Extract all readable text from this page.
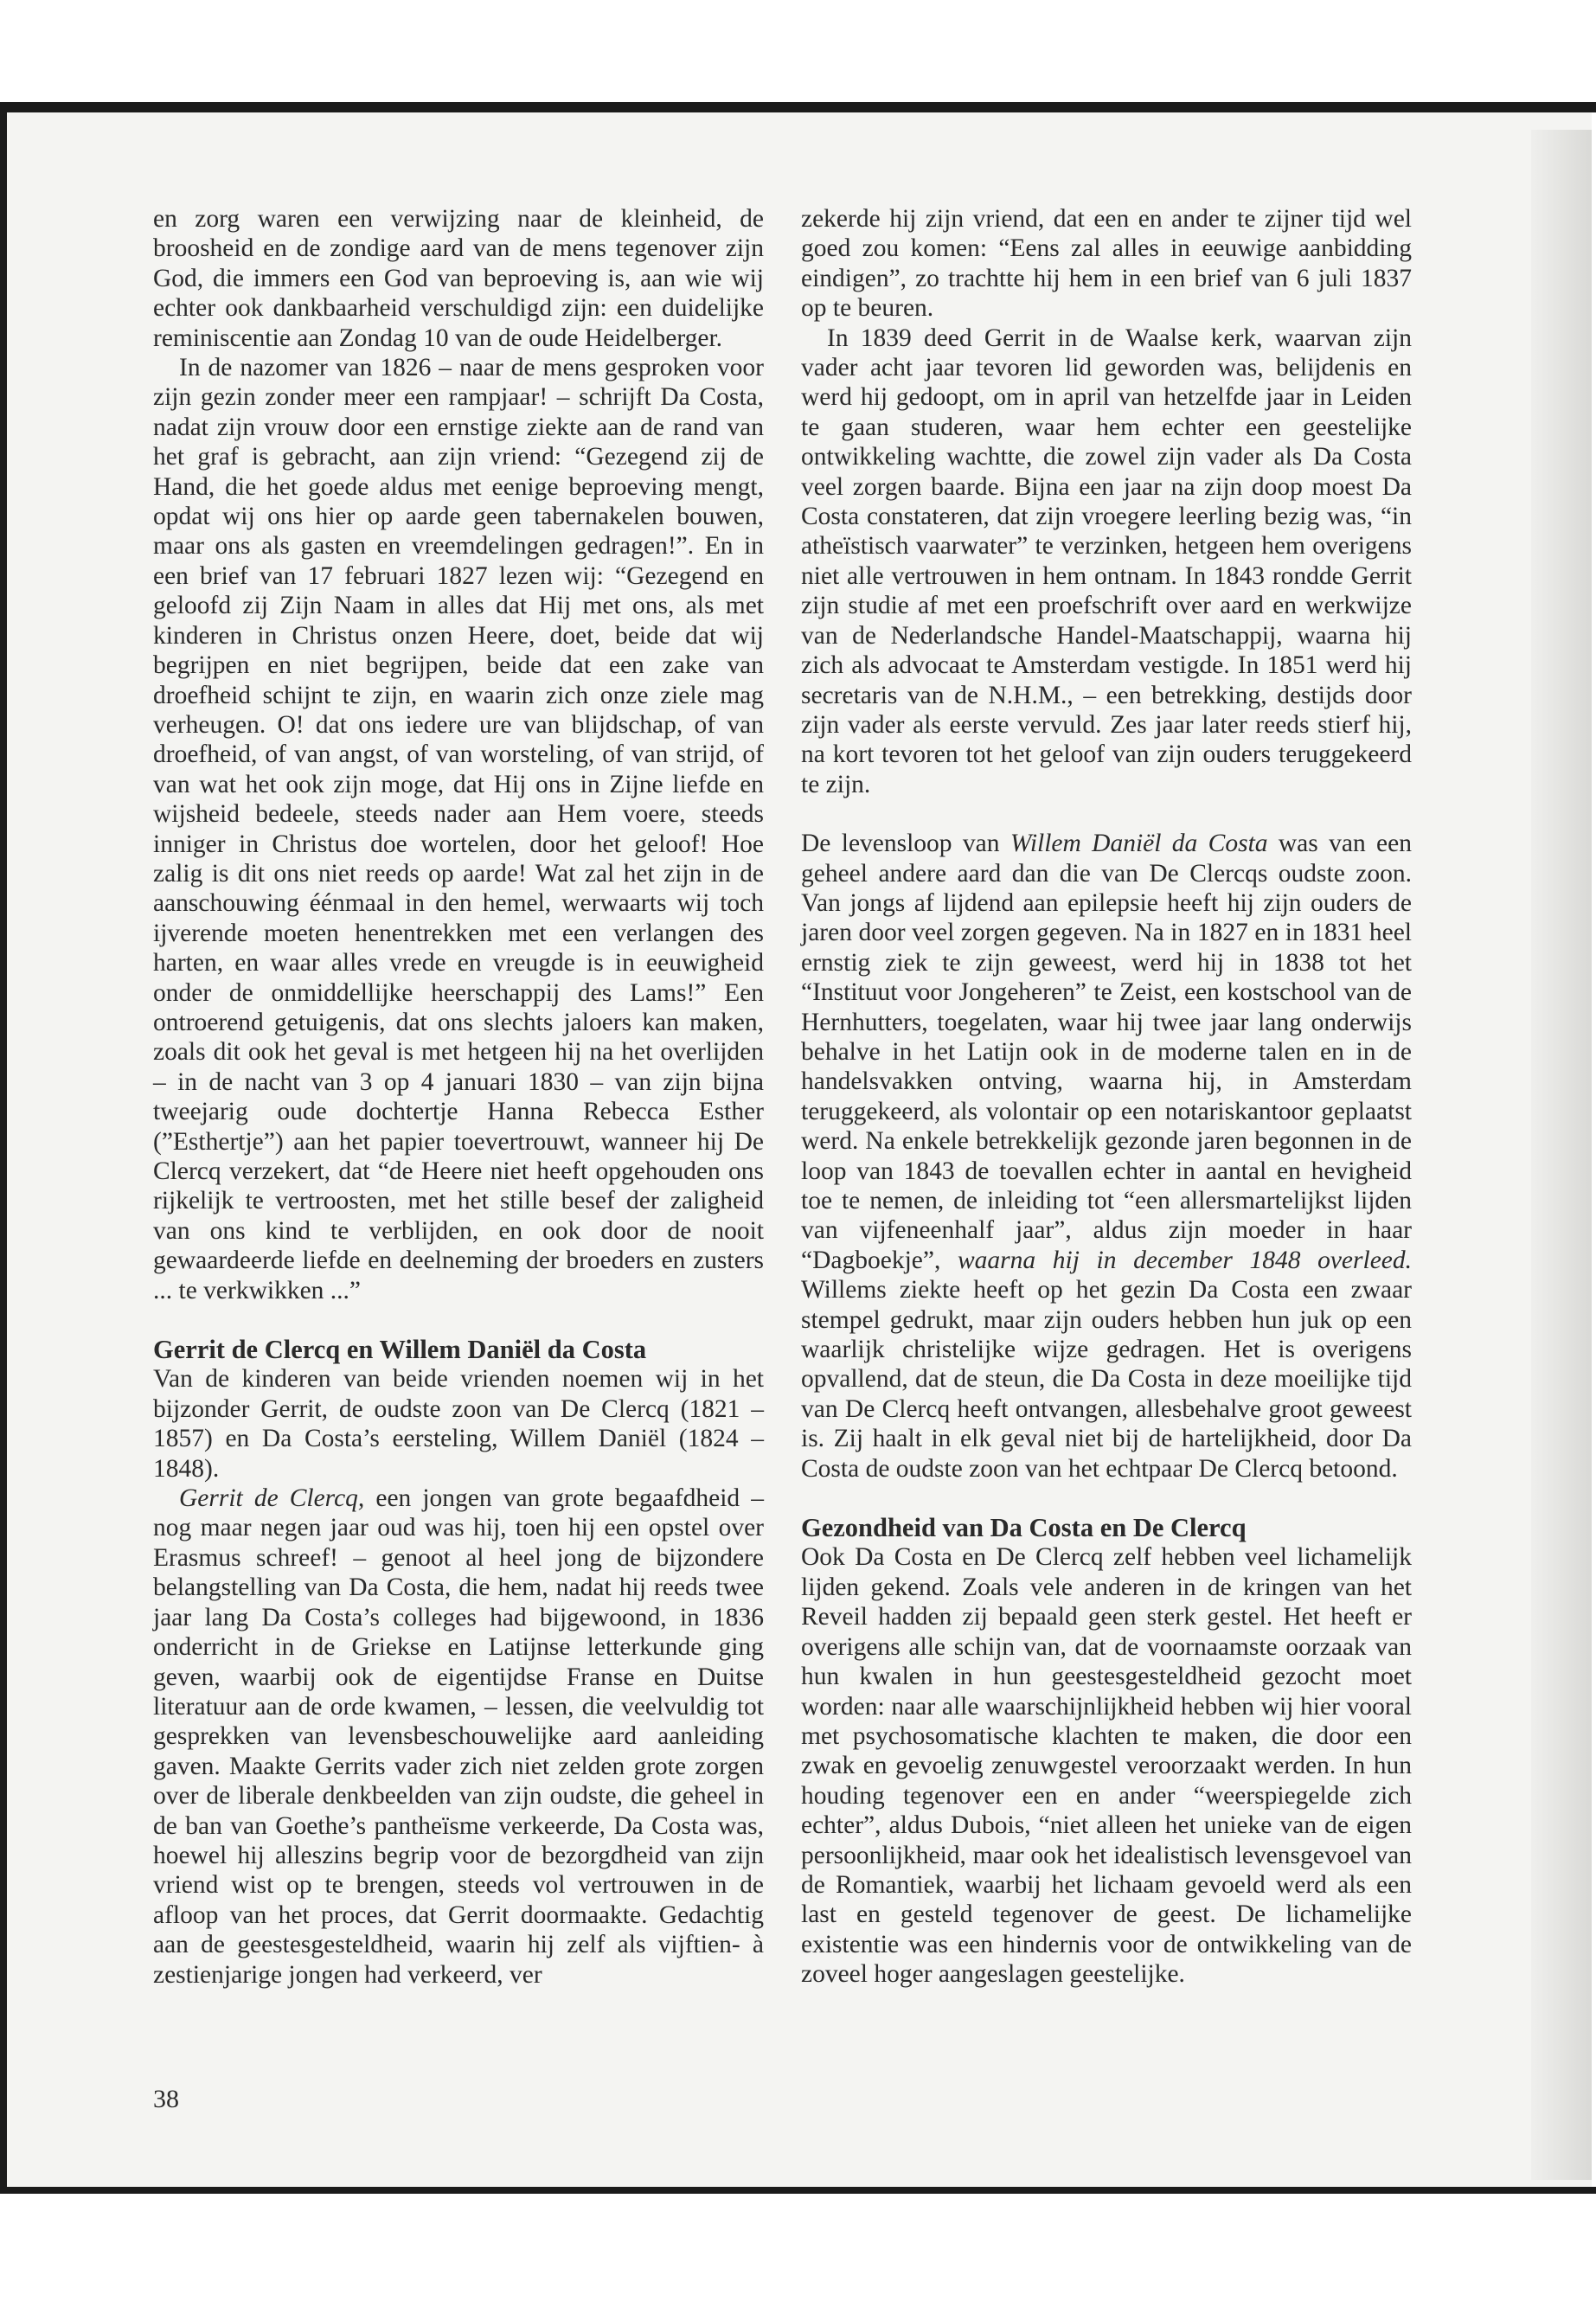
en zorg waren een verwijzing naar de kleinheid, de broosheid en de zondige aard van de mens tegenover zijn God, die immers een God van beproeving is, aan wie wij echter ook dankbaarheid verschuldigd zijn: een duidelijke reminiscentie aan Zondag 10 van de oude Heidelberger.

In de nazomer van 1826 – naar de mens gesproken voor zijn gezin zonder meer een rampjaar! – schrijft Da Costa, nadat zijn vrouw door een ernstige ziekte aan de rand van het graf is gebracht, aan zijn vriend: “Gezegend zij de Hand, die het goede aldus met eenige beproeving mengt, opdat wij ons hier op aarde geen tabernakelen bouwen, maar ons als gasten en vreemdelingen gedragen!”. En in een brief van 17 februari 1827 lezen wij: “Gezegend en geloofd zij Zijn Naam in alles dat Hij met ons, als met kinderen in Christus onzen Heere, doet, beide dat wij begrijpen en niet begrijpen, beide dat een zake van droefheid schijnt te zijn, en waarin zich onze ziele mag verheugen. O! dat ons iedere ure van blijdschap, of van droefheid, of van angst, of van worsteling, of van strijd, of van wat het ook zijn moge, dat Hij ons in Zijne liefde en wijsheid bedeele, steeds nader aan Hem voere, steeds inniger in Christus doe wortelen, door het geloof! Hoe zalig is dit ons niet reeds op aarde! Wat zal het zijn in de aanschouwing éénmaal in den hemel, werwaarts wij toch ijverende moeten henentrekken met een verlangen des harten, en waar alles vrede en vreugde is in eeuwigheid onder de onmiddellijke heerschappij des Lams!” Een ontroerend getuigenis, dat ons slechts jaloers kan maken, zoals dit ook het geval is met hetgeen hij na het overlijden – in de nacht van 3 op 4 januari 1830 – van zijn bijna tweejarig oude dochtertje Hanna Rebecca Esther (”Esthertje”) aan het papier toevertrouwt, wanneer hij De Clercq verzekert, dat “de Heere niet heeft opgehouden ons rijkelijk te vertroosten, met het stille besef der zaligheid van ons kind te verblijden, en ook door de nooit gewaardeerde liefde en deelneming der broeders en zusters ... te verkwikken ...”

Gerrit de Clercq en Willem Daniël da Costa

Van de kinderen van beide vrienden noemen wij in het bijzonder Gerrit, de oudste zoon van De Clercq (1821 – 1857) en Da Costa’s eersteling, Willem Daniël (1824 – 1848).

Gerrit de Clercq, een jongen van grote begaafdheid – nog maar negen jaar oud was hij, toen hij een opstel over Erasmus schreef! – genoot al heel jong de bijzondere belangstelling van Da Costa, die hem, nadat hij reeds twee jaar lang Da Costa’s colleges had bijgewoond, in 1836 onderricht in de Griekse en Latijnse letterkunde ging geven, waarbij ook de eigentijdse Franse en Duitse literatuur aan de orde kwamen, – lessen, die veelvuldig tot gesprekken van levensbeschouwelijke aard aanleiding gaven. Maakte Gerrits vader zich niet zelden grote zorgen over de liberale denkbeelden van zijn oudste, die geheel in de ban van Goethe’s pantheïsme verkeerde, Da Costa was, hoewel hij alleszins begrip voor de bezorgdheid van zijn vriend wist op te brengen, steeds vol vertrouwen in de afloop van het proces, dat Gerrit doormaakte. Gedachtig aan de geestesgesteldheid, waarin hij zelf als vijftien- à zestienjarige jongen had verkeerd, ver

zekerde hij zijn vriend, dat een en ander te zijner tijd wel goed zou komen: “Eens zal alles in eeuwige aanbidding eindigen”, zo trachtte hij hem in een brief van 6 juli 1837 op te beuren.

In 1839 deed Gerrit in de Waalse kerk, waarvan zijn vader acht jaar tevoren lid geworden was, belijdenis en werd hij gedoopt, om in april van hetzelfde jaar in Leiden te gaan studeren, waar hem echter een geestelijke ontwikkeling wachtte, die zowel zijn vader als Da Costa veel zorgen baarde. Bijna een jaar na zijn doop moest Da Costa constateren, dat zijn vroegere leerling bezig was, “in atheïstisch vaarwater” te verzinken, hetgeen hem overigens niet alle vertrouwen in hem ontnam. In 1843 rondde Gerrit zijn studie af met een proefschrift over aard en werkwijze van de Nederlandsche Handel-Maatschappij, waarna hij zich als advocaat te Amsterdam vestigde. In 1851 werd hij secretaris van de N.H.M., – een betrekking, destijds door zijn vader als eerste vervuld. Zes jaar later reeds stierf hij, na kort tevoren tot het geloof van zijn ouders teruggekeerd te zijn.

De levensloop van Willem Daniël da Costa was van een geheel andere aard dan die van De Clercqs oudste zoon. Van jongs af lijdend aan epilepsie heeft hij zijn ouders de jaren door veel zorgen gegeven. Na in 1827 en in 1831 heel ernstig ziek te zijn geweest, werd hij in 1838 tot het “Instituut voor Jongeheren” te Zeist, een kostschool van de Hernhutters, toegelaten, waar hij twee jaar lang onderwijs behalve in het Latijn ook in de moderne talen en in de handelsvakken ontving, waarna hij, in Amsterdam teruggekeerd, als volontair op een notariskantoor geplaatst werd. Na enkele betrekkelijk gezonde jaren begonnen in de loop van 1843 de toevallen echter in aantal en hevigheid toe te nemen, de inleiding tot “een allersmartelijkst lijden van vijfeneenhalf jaar”, aldus zijn moeder in haar “Dagboekje”, waarna hij in december 1848 overleed. Willems ziekte heeft op het gezin Da Costa een zwaar stempel gedrukt, maar zijn ouders hebben hun juk op een waarlijk christelijke wijze gedragen. Het is overigens opvallend, dat de steun, die Da Costa in deze moeilijke tijd van De Clercq heeft ontvangen, allesbehalve groot geweest is. Zij haalt in elk geval niet bij de hartelijkheid, door Da Costa de oudste zoon van het echtpaar De Clercq betoond.

Gezondheid van Da Costa en De Clercq

Ook Da Costa en De Clercq zelf hebben veel lichamelijk lijden gekend. Zoals vele anderen in de kringen van het Reveil hadden zij bepaald geen sterk gestel. Het heeft er overigens alle schijn van, dat de voornaamste oorzaak van hun kwalen in hun geestesgesteldheid gezocht moet worden: naar alle waarschijnlijkheid hebben wij hier vooral met psychosomatische klachten te maken, die door een zwak en gevoelig zenuwgestel veroorzaakt werden. In hun houding tegenover een en ander “weerspiegelde zich echter”, aldus Dubois, “niet alleen het unieke van de eigen persoonlijkheid, maar ook het idealistisch levensgevoel van de Romantiek, waarbij het lichaam gevoeld werd als een last en gesteld tegenover de geest. De lichamelijke existentie was een hindernis voor de ontwikkeling van de zoveel hoger aangeslagen geestelijke.

38
